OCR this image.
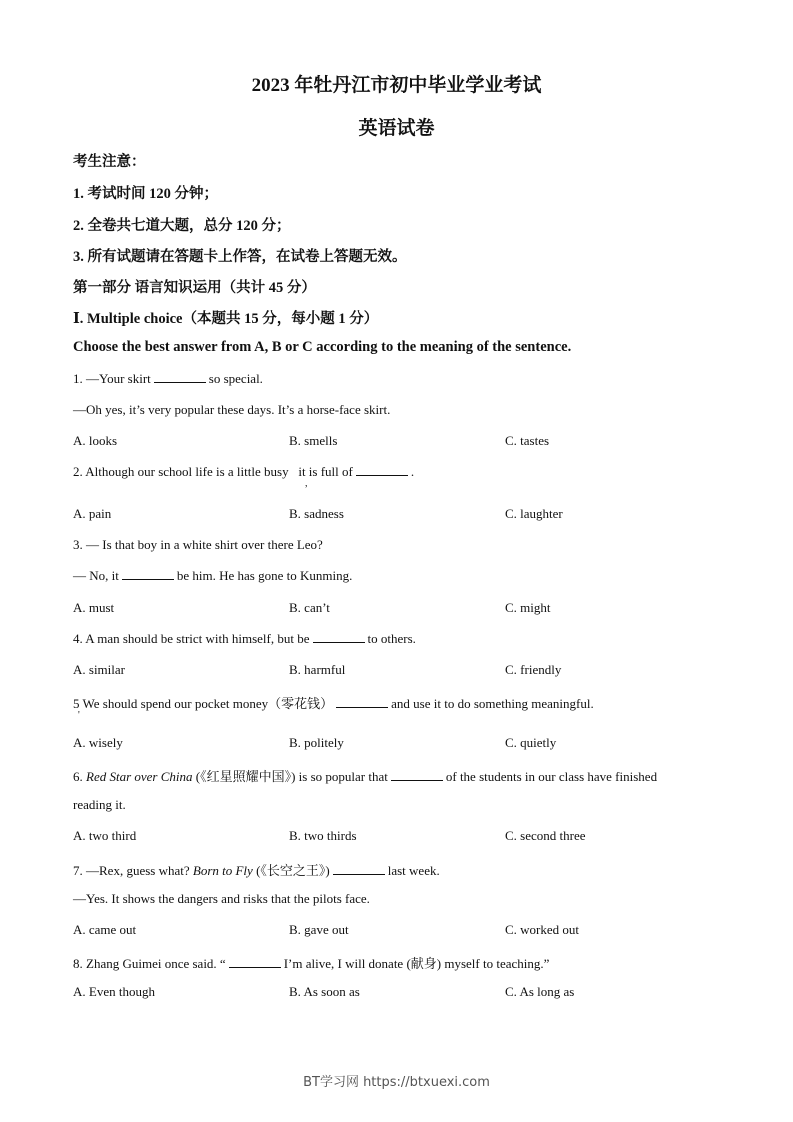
2023 年牡丹江市初中毕业学业考试
英语试卷
考生注意：
1. 考试时间 120 分钟；
2. 全卷共七道大题，总分 120 分；
3. 所有试题请在答题卡上作答，在试卷上答题无效。
第一部分 语言知识运用（共计 45 分）
Ⅰ. Multiple choice（本题共 15 分，每小题 1 分）
Choose the best answer from A, B or C according to the meaning of the sentence.
1. —Your skirt	so special.
—Oh yes, it’s very popular these days. It’s a horse-face skirt.
A. looks	B. smells	C. tastes
2. Although our school life is a little busy it is full of	.
,
A. pain	B. sadness	C. laughter
3. — Is that boy in a white shirt over there Leo?
— No, it	be him. He has gone to Kunming.
A. must	B. can’t	C. might
4. A man should be strict with himself, but be	to others.
A. similar	B. harmful	C. friendly
5 We should spend our pocket money（零花钱）	and use it to do something meaningful.
'
A. wisely	B. politely	C. quietly
6. Red Star over China (《红星照耀中国》) is so popular that	of the students in our class have finished
reading it.
A. two third	B. two thirds	C. second three
7. —Rex, guess what? Born to Fly (《长空之王》)	last week.
—Yes. It shows the dangers and risks that the pilots face.
A. came out	B. gave out	C. worked out
8. Zhang Guimei once said. “	I’m alive, I will donate (献身) myself to teaching.”
A. Even though	B. As soon as	C. As long as
BT学习网 https://btxuexi.com
